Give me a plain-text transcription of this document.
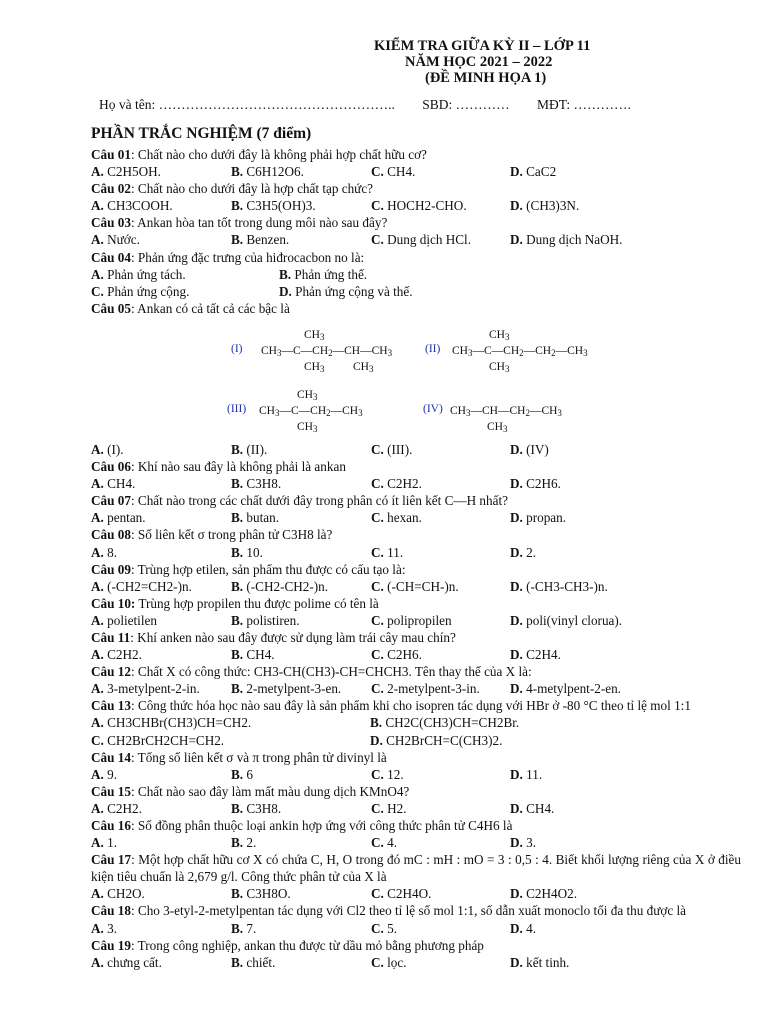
KIỂM TRA GIỮA KỲ II – LỚP 11
NĂM HỌC 2021 – 2022
(ĐỀ MINH HỌA 1)
Họ và tên: …………………………………………….. SBD: ………… MĐT: ………….
PHẦN TRẮC NGHIỆM (7 điểm)
Câu 01: Chất nào cho dưới đây là không phải hợp chất hữu cơ?
A. C2H5OH.	B. C6H12O6.	C. CH4.	D. CaC2
Câu 02: Chất nào cho dưới đây là hợp chất tạp chức?
A. CH3COOH.	B. C3H5(OH)3.	C. HOCH2-CHO.	D. (CH3)3N.
Câu 03: Ankan hòa tan tốt trong dung môi nào sau đây?
A. Nước.	B. Benzen.	C. Dung dịch HCl.	D. Dung dịch NaOH.
Câu 04: Phản ứng đặc trưng của hiđrocacbon no là:
A. Phản ứng tách.	B. Phản ứng thế.
C. Phản ứng cộng.	D. Phản ứng cộng và thế.
Câu 05: Ankan có cả tất cả các bậc là
(I) $CH_3—C—CH_2—CH—CH_3$
$CH_3$
$CH_3$ $CH_3$
(II) $CH_3—C—CH_2—CH_2—CH_3$
$CH_3$
$CH_3$
(III) $CH_3—C—CH_2—CH_3$
$CH_3$
$CH_3$
(IV) $CH_3—CH—CH_2—CH_3$
$CH_3$
A. (I).	B. (II).	C. (III).	D. (IV)
Câu 06: Khí nào sau đây là không phải là ankan
A. CH4.	B. C3H8.	C. C2H2.	D. C2H6.
Câu 07: Chất nào trong các chất dưới đây trong phân có ít liên kết C—H nhất?
A. pentan.	B. butan.	C. hexan.	D. propan.
Câu 08: Số liên kết σ trong phân tử C3H8 là?
A. 8.	B. 10.	C. 11.	D. 2.
Câu 09: Trùng hợp etilen, sản phẩm thu được có cấu tạo là:
A. (-CH2=CH2-)n.	B. (-CH2-CH2-)n.	C. (-CH=CH-)n.	D. (-CH3-CH3-)n.
Câu 10: Trùng hợp propilen thu được polime có tên là
A. polietilen	B. polistiren.	C. polipropilen	D. poli(vinyl clorua).
Câu 11: Khí anken nào sau đây được sử dụng làm trái cây mau chín?
A. C2H2.	B. CH4.	C. C2H6.	D. C2H4.
Câu 12: Chất X có công thức: CH3-CH(CH3)-CH=CHCH3. Tên thay thế của X là:
A. 3-metylpent-2-in. B. 2-metylpent-3-en. C. 2-metylpent-3-in. D. 4-metylpent-2-en.
Câu 13: Công thức hóa học nào sau đây là sản phẩm khi cho isopren tác dụng với HBr ở -80 °C theo tỉ lệ mol 1:1
A. CH3CHBr(CH3)CH=CH2.	B. CH2C(CH3)CH=CH2Br.
C. CH2BrCH2CH=CH2.	D. CH2BrCH=C(CH3)2.
Câu 14: Tổng số liên kết σ và π trong phân tử divinyl là
A. 9.	B. 6	C. 12.	D. 11.
Câu 15: Chất nào sao đây làm mất màu dung dịch KMnO4?
A. C2H2.	B. C3H8.	C. H2.	D. CH4.
Câu 16: Số đồng phân thuộc loại ankin hợp ứng với công thức phân tử C4H6 là
A. 1.	B. 2.	C. 4.	D. 3.
Câu 17: Một hợp chất hữu cơ X có chứa C, H, O trong đó mC : mH : mO = 3 : 0,5 : 4. Biết khối lượng riêng của X ở điều kiện tiêu chuẩn là 2,679 g/l. Công thức phân tử của X là
A. CH2O.	B. C3H8O.	C. C2H4O.	D. C2H4O2.
Câu 18: Cho 3-etyl-2-metylpentan tác dụng với Cl2 theo tỉ lệ số mol 1:1, số dẫn xuất monoclo tối đa thu được là
A. 3.	B. 7.	C. 5.	D. 4.
Câu 19: Trong công nghiệp, ankan thu được từ dầu mỏ bằng phương pháp
A. chưng cất.	B. chiết.	C. lọc.	D. kết tinh.
